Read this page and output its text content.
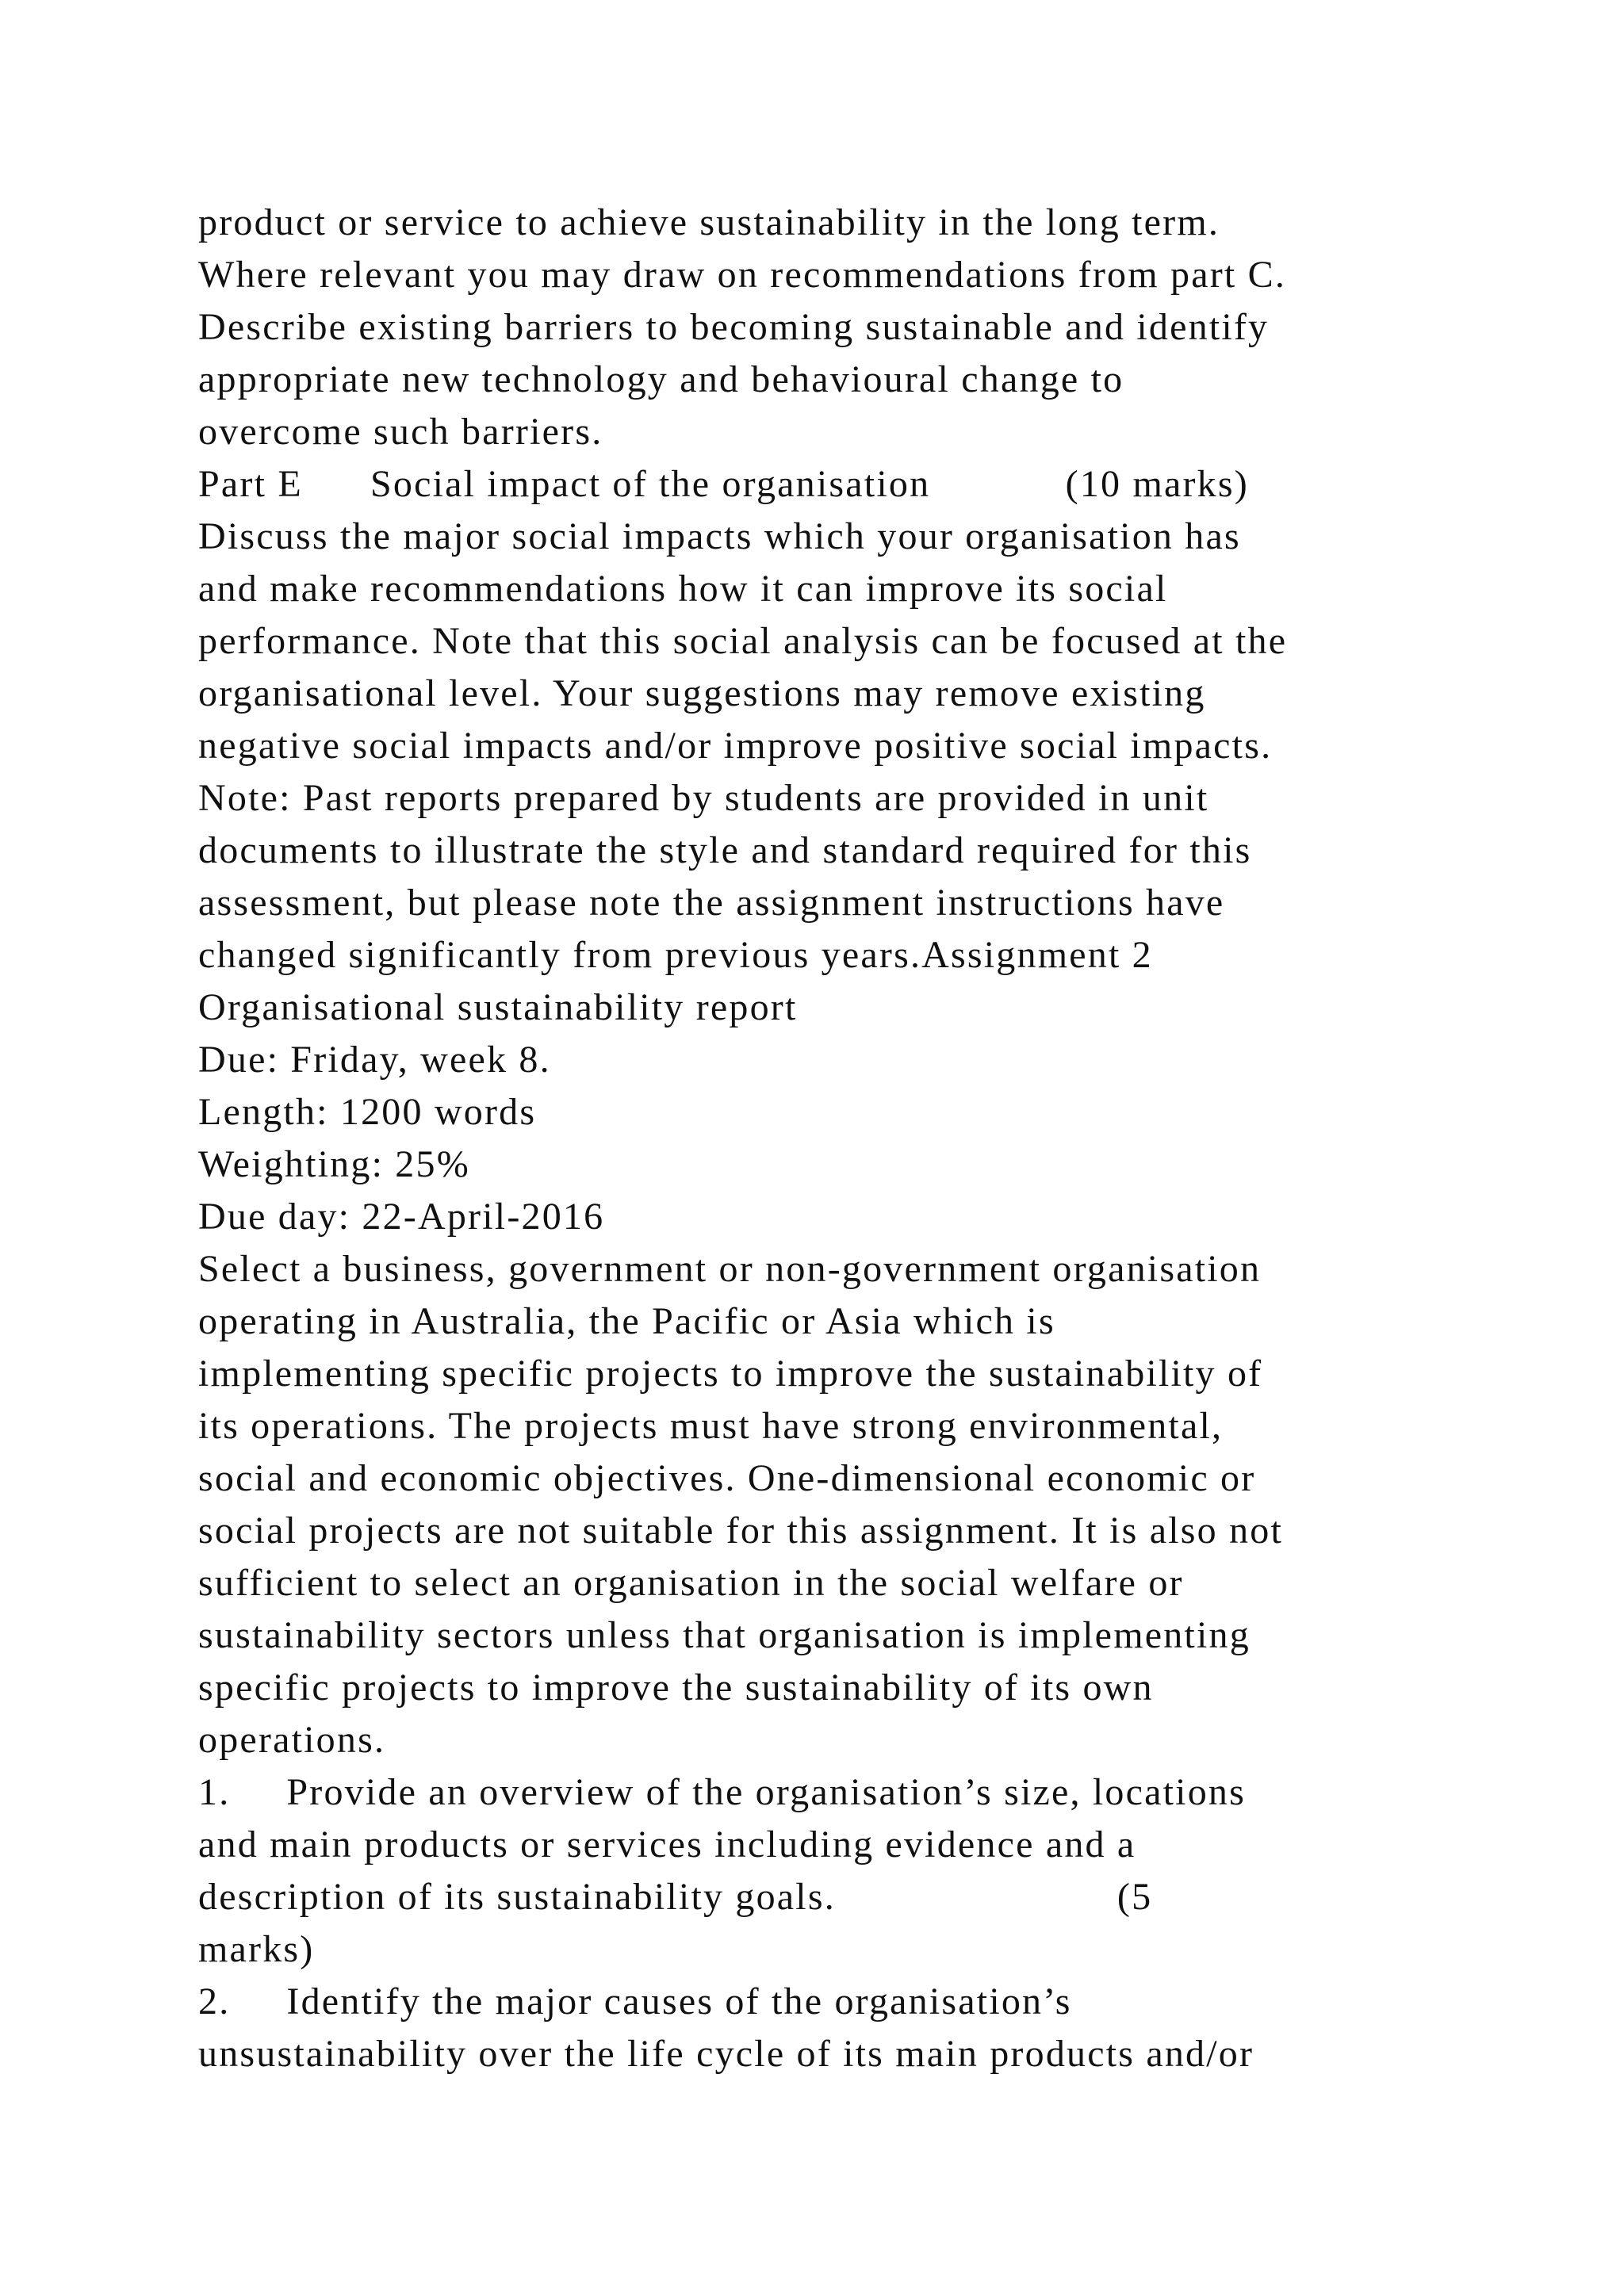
product or service to achieve sustainability in the long term.
Where relevant you may draw on recommendations from part C.
Describe existing barriers to becoming sustainable and identify
appropriate new technology and behavioural change to
overcome such barriers.
Part E      Social impact of the organisation            (10 marks)
Discuss the major social impacts which your organisation has
and make recommendations how it can improve its social
performance. Note that this social analysis can be focused at the
organisational level. Your suggestions may remove existing
negative social impacts and/or improve positive social impacts.
Note: Past reports prepared by students are provided in unit
documents to illustrate the style and standard required for this
assessment, but please note the assignment instructions have
changed significantly from previous years.Assignment 2
Organisational sustainability report
Due: Friday, week 8.
Length: 1200 words
Weighting: 25%
Due day: 22-April-2016
Select a business, government or non-government organisation
operating in Australia, the Pacific or Asia which is
implementing specific projects to improve the sustainability of
its operations. The projects must have strong environmental,
social and economic objectives. One-dimensional economic or
social projects are not suitable for this assignment. It is also not
sufficient to select an organisation in the social welfare or
sustainability sectors unless that organisation is implementing
specific projects to improve the sustainability of its own
operations.
1.     Provide an overview of the organisation’s size, locations
and main products or services including evidence and a
description of its sustainability goals.                         (5
marks)
2.     Identify the major causes of the organisation’s
unsustainability over the life cycle of its main products and/or
